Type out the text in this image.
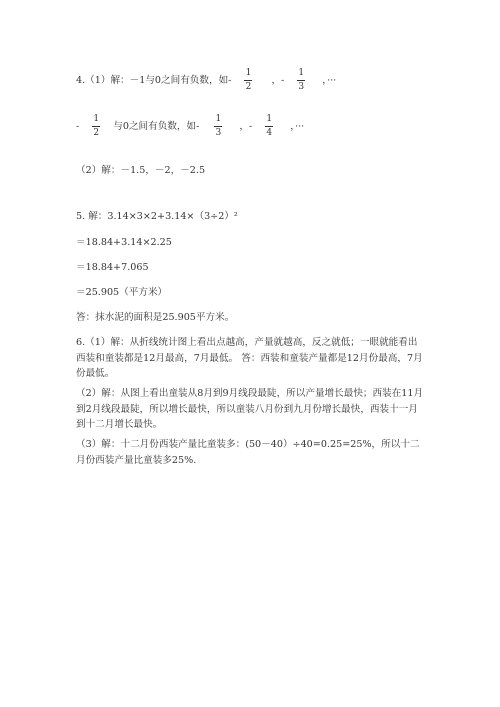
4.（1）解：－1与0之间有负数，如- $\frac{1}{2}$ ，- $\frac{1}{3}$ ，···
- $\frac{1}{2}$ 与0之间有负数，如- $\frac{1}{3}$ ，- $\frac{1}{4}$ ，···
（2）解：－1.5，－2，－2.5
5. 解：3.14×3×2+3.14×（3÷2）²
＝18.84+3.14×2.25
＝18.84+7.065
＝25.905（平方米）
答：抹水泥的面积是25.905平方米。
6.（1）解：从折线统计图上看出点越高，产量就越高，反之就低；一眼就能看出西装和童装都是12月最高，7月最低。 答：西装和童装产量都是12月份最高，7月份最低。
（2）解：从图上看出童装从8月到9月线段最陡，所以产量增长最快；西装在11月到2月线段最陡，所以增长最快，所以童装八月份到九月份增长最快，西装十一月到十二月增长最快。
（3）解：十二月份西装产量比童装多：(50－40）÷40=0.25=25%，所以十二月份西装产量比童装多25%.
